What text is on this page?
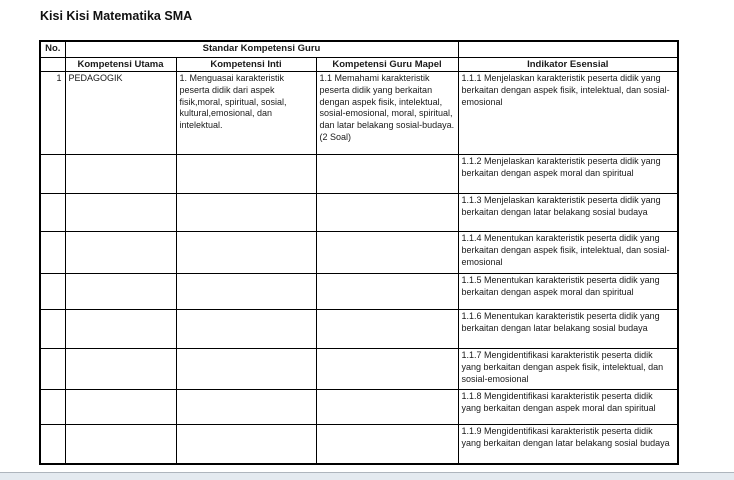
Kisi Kisi Matematika SMA
No.	Standar Kompetensi Guru			
	Kompetensi Utama	Kompetensi Inti	Kompetensi Guru Mapel	Indikator Esensial
1	PEDAGOGIK	1. Menguasai karakteristik peserta didik dari aspek fisik,moral, spiritual, sosial, kultural,emosional, dan intelektual.	1.1 Memahami karakteristik peserta didik yang berkaitan dengan aspek fisik, intelektual, sosial-emosional, moral, spiritual, dan latar belakang sosial-budaya. (2 Soal)	1.1.1 Menjelaskan karakteristik peserta didik yang berkaitan dengan aspek fisik, intelektual, dan sosial-emosional
				1.1.2 Menjelaskan karakteristik peserta didik yang berkaitan dengan aspek moral dan spiritual
				1.1.3 Menjelaskan karakteristik peserta didik yang berkaitan dengan latar belakang sosial budaya
				1.1.4 Menentukan karakteristik peserta didik yang berkaitan dengan aspek fisik, intelektual, dan sosial-emosional
				1.1.5 Menentukan karakteristik peserta didik yang berkaitan dengan aspek moral dan spiritual
				1.1.6 Menentukan karakteristik peserta didik yang berkaitan dengan latar belakang sosial budaya
				1.1.7 Mengidentifikasi karakteristik peserta didik yang berkaitan dengan aspek fisik, intelektual, dan sosial-emosional
				1.1.8 Mengidentifikasi karakteristik peserta didik yang berkaitan dengan aspek moral dan spiritual
				1.1.9 Mengidentifikasi karakteristik peserta didik yang berkaitan dengan latar belakang sosial budaya
